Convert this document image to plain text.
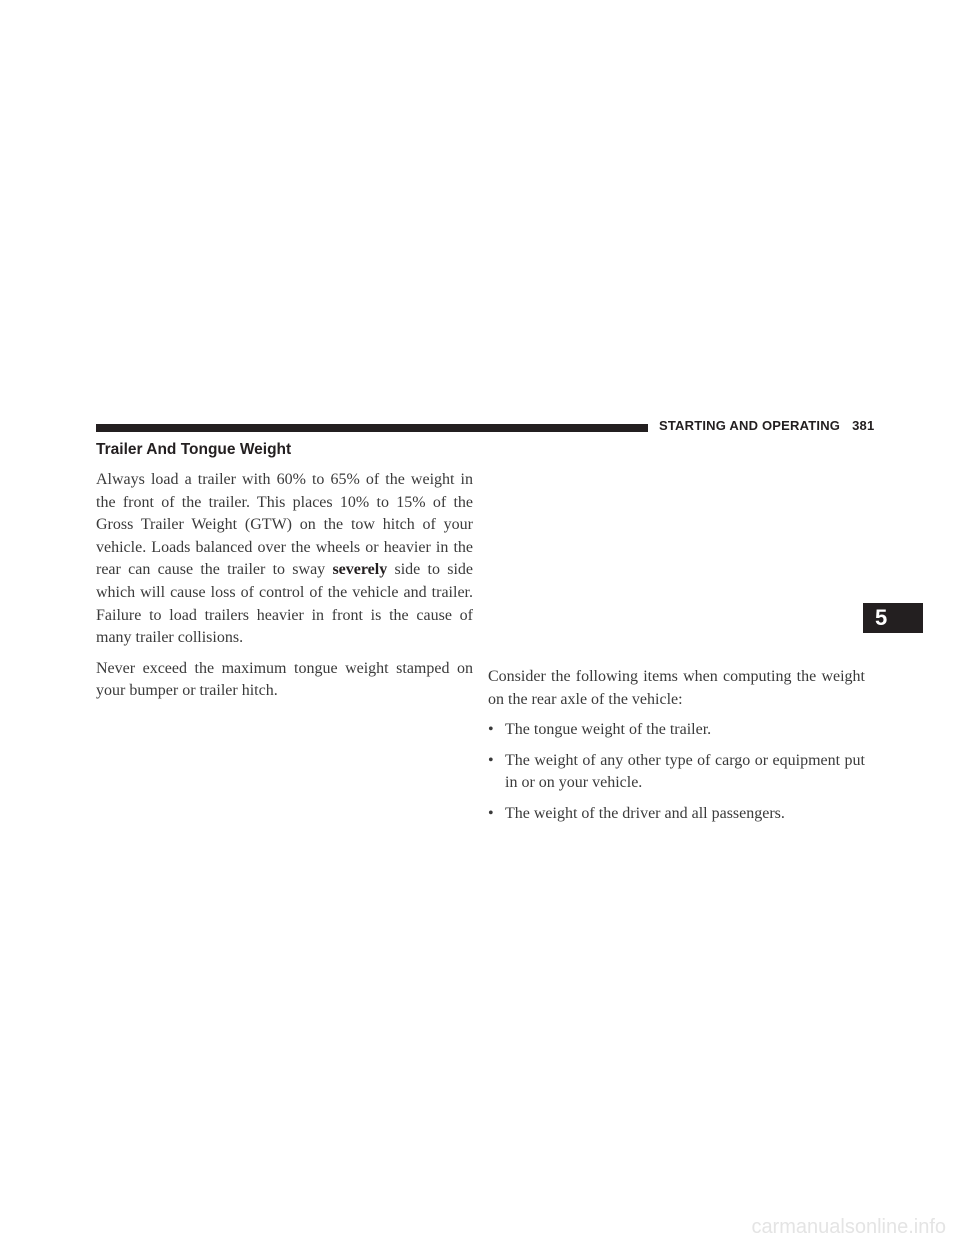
STARTING AND OPERATING 381
5
Trailer And Tongue Weight

Always load a trailer with 60% to 65% of the weight in the front of the trailer. This places 10% to 15% of the Gross Trailer Weight (GTW) on the tow hitch of your vehicle. Loads balanced over the wheels or heavier in the rear can cause the trailer to sway severely side to side which will cause loss of control of the vehicle and trailer. Failure to load trailers heavier in front is the cause of many trailer collisions.

Never exceed the maximum tongue weight stamped on your bumper or trailer hitch.

Consider the following items when computing the weight on the rear axle of the vehicle:

• The tongue weight of the trailer.
• The weight of any other type of cargo or equipment put in or on your vehicle.
• The weight of the driver and all passengers.
carmanualsonline.info
